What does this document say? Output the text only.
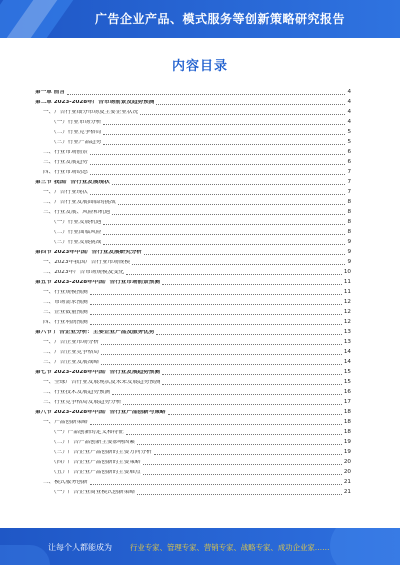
广告企业产品、模式服务等创新策略研究报告
内容目录
第一章 前言	4
第二章 2023-2028年广告市场前景及趋势预测	4
一、广告行业细分市场及主要企业状况	4
（一）行业市场分析	4
（二）行业竞争格局	5
（三）行业产品趋势	5
二、行业市场前景	6
三、行业发展趋势	6
四、行业市场动态	7
第三节 我国广告行业发展现状	7
一、广告行业现状	7
二、广告行业发展面临的挑战	8
三、行业发展、风险和机遇	8
（一）行业发展机遇	8
（二）行业面临风险	8
（三）行业发展挑战	9
第四节 2023年中国广告行业发展研究分析	9
一、2023年我国广告行业市场规模	9
二、2023年广告市场规模及变化	10
第五节 2023-2028年中国广告行业市场前景预测	11
一、行业规模预测	11
二、市场需求预测	12
三、企业数量预测	12
四、行业利润预测	12
第六节 广告企业分析：主要企业产品及服务优势	13
一、广告企业市场分析	13
二、广告企业竞争格局	14
三、广告企业发展战略	14
第七节 2023-2028年中国广告行业发展趋势预测	15
一、全球广告行业发展现状及未来发展趋势预测	15
二、行业技术发展趋势预测	16
三、行业竞争格局发展趋势分析	17
第八节 2023-2028年中国广告行业产品创新与策略	18
一、产品创新策略	18
（一）产品创新的定义和特征	18
（二）广告产品创新主要影响因素	19
（三）广告企业产品创新的主要方向分析	19
（四）广告企业产品创新的主要策略	20
（五）广告企业产品创新的主要难点	20
二、模式服务创新	21
（一）广告企业商业模式创新策略	21
让每个人都能成为 行业专家、管理专家、营销专家、战略专家、成功企业家……
